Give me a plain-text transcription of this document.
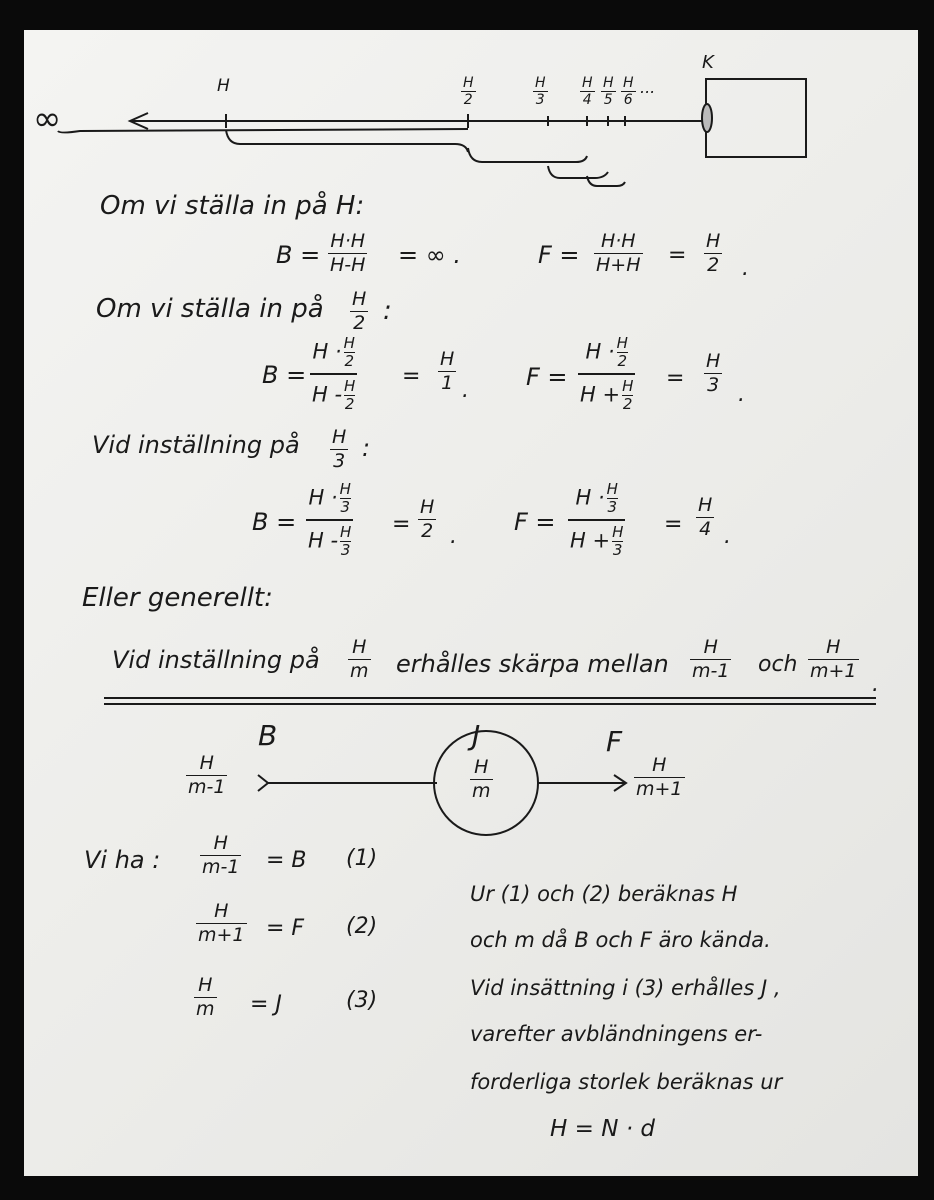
∞
H	H
2
H
3
H
4
H
5
H
6
...
K
Om vi ställa in på H:
B = H·H
H-H = ∞ .	F = H·H
H+H =
H
2 .
Om vi ställa in på H
2 :
B =
$H \cdot \frac{H}{2}$
H - $\frac{H}{2}$
=
H
1 . F =
$H \cdot \frac{H}{2}$
$H + \frac{H}{2}$
=
H
3 .
Vid inställning på H
3 :
B =
$H \cdot \frac{H}{3}$
H - $\frac{H}{3}$
=
H
2 .
F =
$H \cdot \frac{H}{3}$
$H + \frac{H}{3}$
=
H
4 .
Eller generellt:
Vid inställning på H
m erhålles skärpa mellan
H
m-1 och
H
m+1
.
B	J	F
H
m-1
H
m
H
m+1
Vi ha :
H
m-1 = B (1)
H
m+1 = F (2)
H
m = J	(3)
Ur (1) och (2) beräknas H
och m då B och F äro kända.
Vid insättning i (3) erhålles J ,
varefter avbländningens er-
forderliga storlek beräknas ur
H = N · d
